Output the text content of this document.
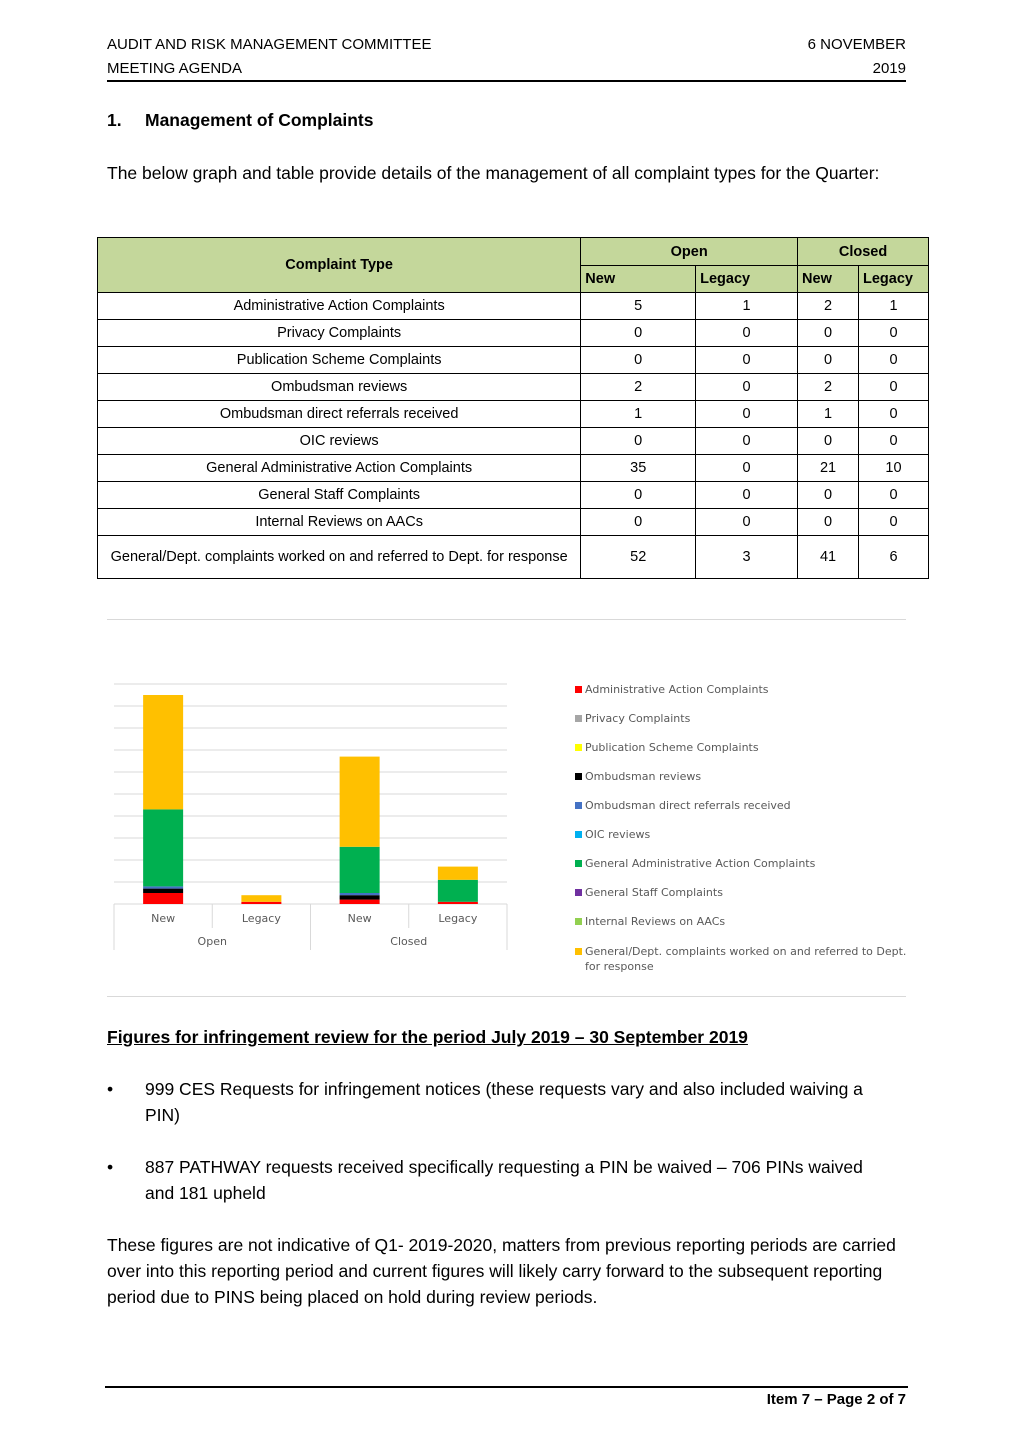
AUDIT AND RISK MANAGEMENT COMMITTEE
MEETING AGENDA
6 NOVEMBER
2019
1. Management of Complaints
The below graph and table provide details of the management of all complaint types for the Quarter:
Complaint Type	Open		Closed	
	New	Legacy	New	Legacy
Administrative Action Complaints	5	1	2	1
Privacy Complaints	0	0	0	0
Publication Scheme Complaints	0	0	0	0
Ombudsman reviews	2	0	2	0
Ombudsman direct referrals received	1	0	1	0
OIC reviews	0	0	0	0
General Administrative Action Complaints	35	0	21	10
General Staff Complaints	0	0	0	0
Internal Reviews on AACs	0	0	0	0
General/Dept. complaints worked on and referred to Dept. for response	52	3	41	6
New	Legacy	New	Legacy
Open	Closed
Administrative Action Complaints
Privacy Complaints
Publication Scheme Complaints
Ombudsman reviews
Ombudsman direct referrals received
OIC reviews
General Administrative Action Complaints
General Staff Complaints
Internal Reviews on AACs
General/Dept. complaints worked on and referred to Dept. for response
Figures for infringement review for the period July 2019 – 30 September 2019
• 999 CES Requests for infringement notices (these requests vary and also included waiving a PIN)
• 887 PATHWAY requests received specifically requesting a PIN be waived – 706 PINs waived and 181 upheld
These figures are not indicative of Q1- 2019-2020, matters from previous reporting periods are carried over into this reporting period and current figures will likely carry forward to the subsequent reporting period due to PINS being placed on hold during review periods.
Item 7 – Page 2 of 7
